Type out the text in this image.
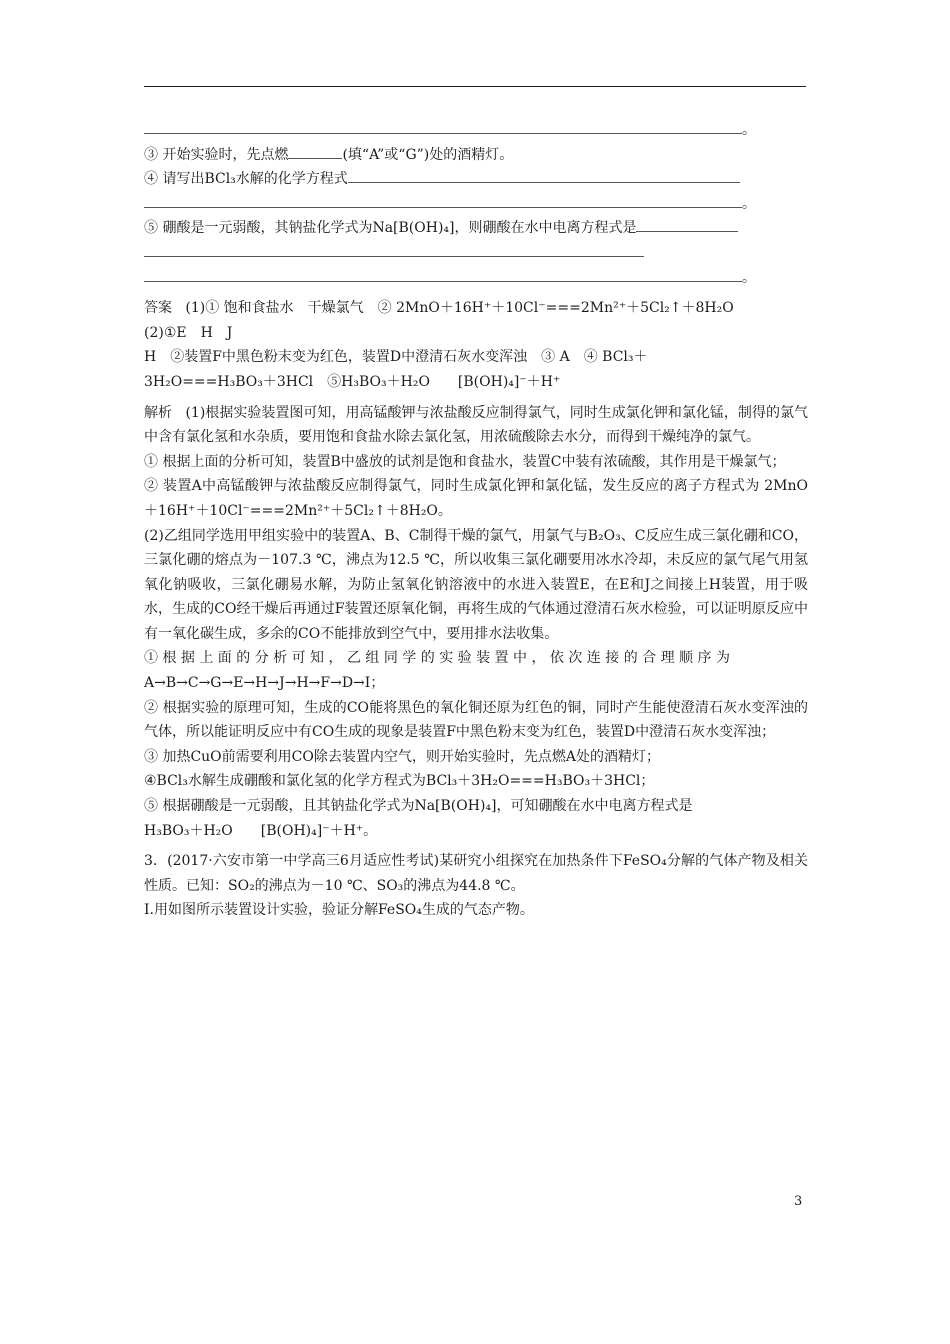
。
③ 开始实验时，先点燃	(填“A”或“G”)处的酒精灯。
④ 请写出BCl₃水解的化学方程式
。
⑤ 硼酸是一元弱酸，其钠盐化学式为Na[B(OH)₄]，则硼酸在水中电离方程式是
。
答案 (1)① 饱和食盐水　干燥氯气　② 2MnO＋16H⁺＋10Cl⁻===2Mn²⁺＋5Cl₂↑＋8H₂O
(2)①E　H　J
H　②装置F中黑色粉末变为红色，装置D中澄清石灰水变浑浊　③ A　④ BCl₃＋
3H₂O===H₃BO₃＋3HCl　⑤H₃BO₃＋H₂O　　[B(OH)₄]⁻＋H⁺
解析 (1)根据实验装置图可知，用高锰酸钾与浓盐酸反应制得氯气，同时生成氯化钾和氯化锰，制得的氯气中含有氯化氢和水杂质，要用饱和食盐水除去氯化氢，用浓硫酸除去水分，而得到干燥纯净的氯气。
① 根据上面的分析可知，装置B中盛放的试剂是饱和食盐水，装置C中装有浓硫酸，其作用是干燥氯气；
② 装置A中高锰酸钾与浓盐酸反应制得氯气，同时生成氯化钾和氯化锰，发生反应的离子方程式为 2MnO＋16H⁺＋10Cl⁻===2Mn²⁺＋5Cl₂↑＋8H₂O。
(2)乙组同学选用甲组实验中的装置A、B、C制得干燥的氯气，用氯气与B₂O₃、C反应生成三氯化硼和CO，三氯化硼的熔点为－107.3 ℃，沸点为12.5 ℃，所以收集三氯化硼要用冰水冷却，未反应的氯气尾气用氢氧化钠吸收，三氯化硼易水解，为防止氢氧化钠溶液中的水进入装置E，在E和J之间接上H装置，用于吸水，生成的CO经干燥后再通过F装置还原氧化铜，再将生成的气体通过澄清石灰水检验，可以证明原反应中有一氧化碳生成，多余的CO不能排放到空气中，要用排水法收集。
① 根 据 上 面 的 分 析 可 知 ， 乙 组 同 学 的 实 验 装 置 中 ， 依 次 连 接 的 合 理 顺 序 为
A→B→C→G→E→H→J→H→F→D→I；
② 根据实验的原理可知，生成的CO能将黑色的氧化铜还原为红色的铜，同时产生能使澄清石灰水变浑浊的气体，所以能证明反应中有CO生成的现象是装置F中黑色粉末变为红色，装置D中澄清石灰水变浑浊；
③ 加热CuO前需要利用CO除去装置内空气，则开始实验时，先点燃A处的酒精灯；
④BCl₃水解生成硼酸和氯化氢的化学方程式为BCl₃＋3H₂O===H₃BO₃＋3HCl；
⑤ 根据硼酸是一元弱酸，且其钠盐化学式为Na[B(OH)₄]，可知硼酸在水中电离方程式是
H₃BO₃＋H₂O　　[B(OH)₄]⁻＋H⁺。
3．(2017·六安市第一中学高三6月适应性考试)某研究小组探究在加热条件下FeSO₄分解的气体产物及相关性质。已知：SO₂的沸点为－10 ℃、SO₃的沸点为44.8 ℃。
Ⅰ.用如图所示装置设计实验，验证分解FeSO₄生成的气态产物。
3
